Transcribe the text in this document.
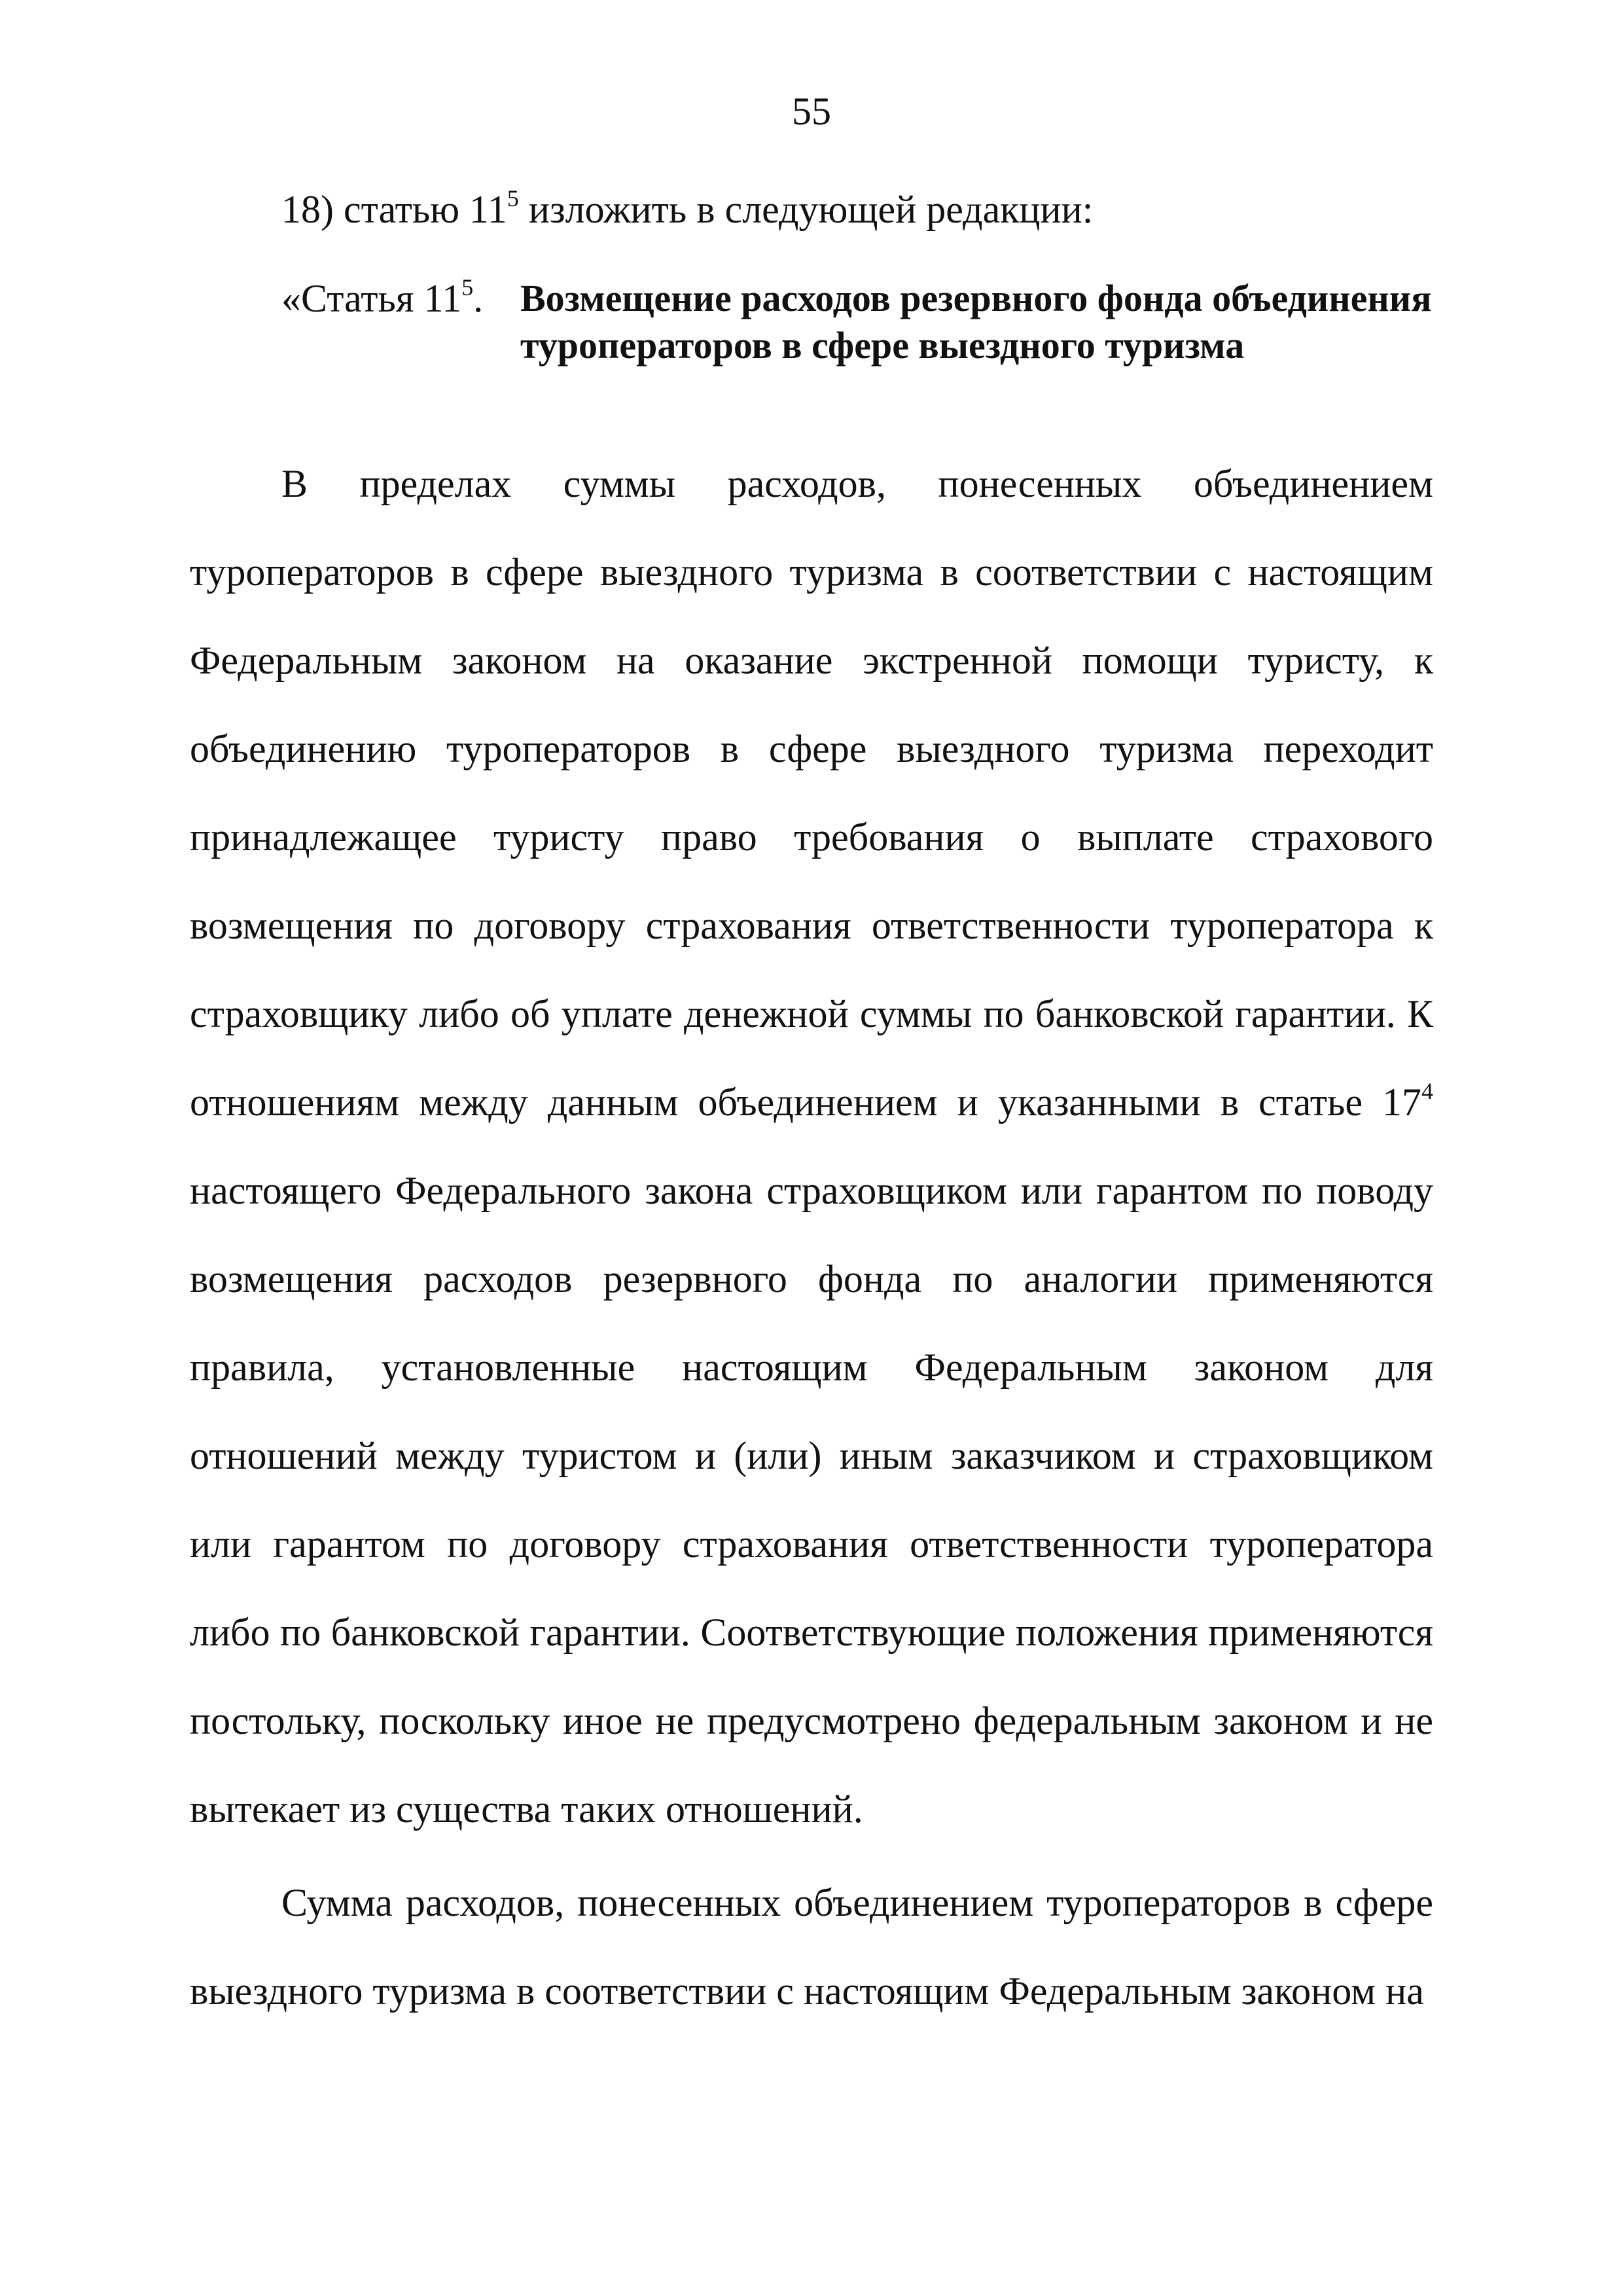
55
18) статью $11^5$ изложить в следующей редакции:
«Статья $11^5$. Возмещение расходов резервного фонда объединения туроператоров в сфере выездного туризма

В пределах суммы расходов, понесенных объединением туроператоров в сфере выездного туризма в соответствии с настоящим Федеральным законом на оказание экстренной помощи туристу, к объединению туроператоров в сфере выездного туризма переходит принадлежащее туристу право требования о выплате страхового возмещения по договору страхования ответственности туроператора к страховщику либо об уплате денежной суммы по банковской гарантии. К отношениям между данным объединением и указанными в статье $17^4$ настоящего Федерального закона страховщиком или гарантом по поводу возмещения расходов резервного фонда по аналогии применяются правила, установленные настоящим Федеральным законом для отношений между туристом и (или) иным заказчиком и страховщиком или гарантом по договору страхования ответственности туроператора либо по банковской гарантии. Соответствующие положения применяются постольку, поскольку иное не предусмотрено федеральным законом и не вытекает из существа таких отношений.

Сумма расходов, понесенных объединением туроператоров в сфере выездного туризма в соответствии с настоящим Федеральным законом на
